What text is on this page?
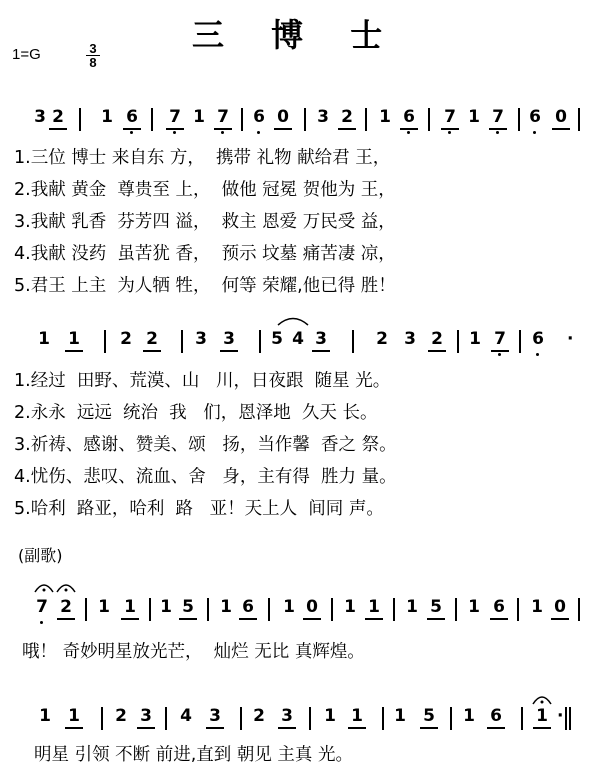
三 博 士
1=G	$\frac{3}{8}$
3 2 1 6 7 1 7 6 0 3 2 1 6 7 1 7 6 0
1.三位 博士 来自东 方，  携带 礼物 献给君 王，
2.我献 黄金  尊贵至 上，  做他 冠冕 贺他为 王，
3.我献 乳香  芬芳四 溢，  救主 恩爱 万民受 益，
4.我献 没药  虽苦犹 香，  预示 坟墓 痛苦凄 凉，
5.君王 上主  为人牺 牲，  何等 荣耀,他已得 胜！
1 1 2 2 3 3 5 4 3	2 3 2 1 7 6 ·
1.经过  田野、荒漠、山   川，日夜跟  随星 光。
2.永永  远远  统治  我   们，恩泽地  久天 长。
3.祈祷、感谢、赞美、颂   扬，当作馨  香之 祭。
4.忧伤、悲叹、流血、舍   身，主有得  胜力 量。
5.哈利  路亚，哈利  路   亚！天上人  间同 声。
(副歌)
7 2 1 1 1 5 1 6 1 0 1 1 1 5 1 6 1 0
哦！ 奇妙明星放光芒，  灿烂 无比 真辉煌。
1 1 2 3 4 3 2 3 1 1 1 5 1 6 1 ·
明星 引领 不断 前进,直到 朝见 主真 光。
